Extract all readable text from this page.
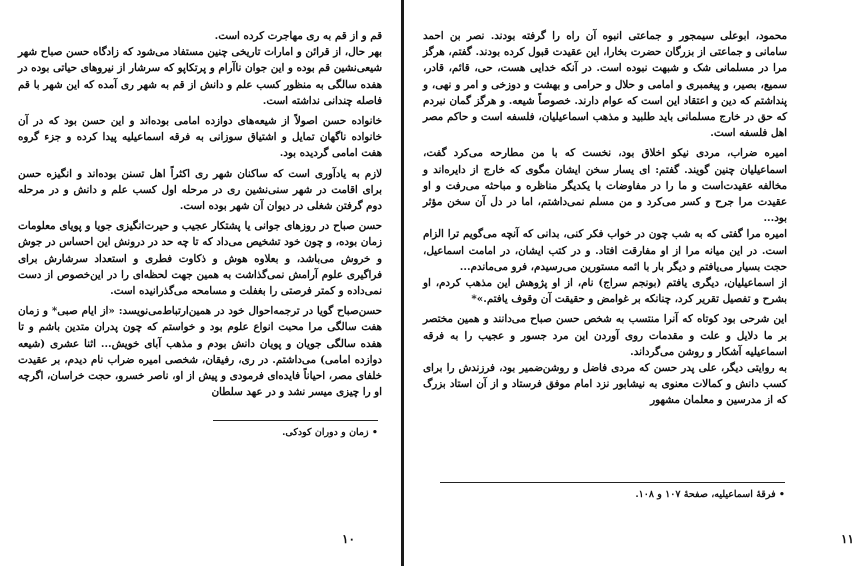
قم و از قم به ری مهاجرت کرده است.

بهر حال، از قرائن و امارات تاریخی چنین مستفاد می‌شود که زادگاه حسن صباح شهر شیعی‌نشین قم بوده و این جوان ناآرام و پرتکاپو که سرشار از نیروهای حیاتی بوده در هفده سالگی به منظور کسب علم و دانش از قم به شهر ری آمده که این شهر با قم فاصله چندانی نداشته است.

خانواده حسن اصولاً از شیعه‌های دوازده امامی بوده‌اند و این حسن بود که در آن خانواده ناگهان تمایل و اشتیاق سوزانی به فرقه اسماعیلیه پیدا کرده و جزء گروه هفت امامی گردیده بود.

لازم به یادآوری است که ساکنان شهر ری اکثراً اهل تسنن بوده‌اند و انگیزه حسن برای اقامت در شهر سنی‌نشین ری در مرحله اول کسب علم و دانش و در مرحله دوم گرفتن شغلی در دیوان آن شهر بوده است.

حسن صباح در روزهای جوانی یا پشتکار عجیب و حیرت‌انگیزی جویا و پویای معلومات زمان بوده، و چون خود تشخیص می‌داد که تا چه حد در درونش این احساس در جوش و خروش می‌باشد، و بعلاوه هوش و ذکاوت فطری و استعداد سرشارش برای فراگیری علوم آرامش نمی‌گذاشت به همین جهت لحظه‌ای را در این‌خصوص از دست نمی‌داده و کمتر فرصتی را بغفلت و مسامحه می‌گذرانیده است.

حسن‌صباح گویا در ترجمه‌احوال خود در همین‌ارتباط‌می‌نویسد: «از ایام صبی* و زمان هفت سالگی مرا محبت انواع علوم بود و خواستم که چون پدران متدین باشم و تا هفده سالگی جویان و پویان دانش بودم و مذهب آبای خویش... اثنا عشری (شیعه دوازده امامی) می‌داشتم. در ری، رفیقان، شخصی امیره ضراب نام دیدم، بر عقیدت خلفای مصر، احیاناً فایده‌ای فرمودی و پیش از او، ناصر خسرو، حجت خراسان، اگرچه او را چیزی میسر نشد و در عهد سلطان

• زمان و دوران کودکی.
۱۰

محمود، ابوعلی سیمجور و جماعتی انبوه آن راه را گرفته بودند. نصر بن احمد سامانی و جماعتی از بزرگان حضرت بخارا، این عقیدت قبول کرده بودند. گفتم، هرگز مرا در مسلمانی شک و شبهت نبوده است. در آنکه خدایی هست، حی، قائم، قادر، سمیع، بصیر، و پیغمبری و امامی و حلال و حرامی و بهشت و دوزخی و امر و نهی، و پنداشتم که دین و اعتقاد این است که عوام دارند. خصوصاً شیعه. و هرگز گمان نبردم که حق در خارج مسلمانی باید طلبید و مذهب اسماعیلیان، فلسفه است و حاکم مصر اهل فلسفه است.

امیره ضراب، مردی نیکو اخلاق بود، نخست که با من مطارحه می‌کرد گفت، اسماعیلیان چنین گویند. گفتم: ای یسار سخن ایشان مگوی که خارج از دایره‌اند و مخالفه عقیدت‌است و ما را در مفاوضات با یکدیگر مناظره و مباحثه می‌رفت و او عقیدت مرا جرح و کسر می‌کرد و من مسلم نمی‌داشتم، اما در دل آن سخن مؤثر بود...

امیره مرا گفتی که به شب چون در خواب فکر کنی، بدانی که آنچه می‌گویم ترا الزام است. در این میانه مرا از او مفارقت افتاد. و در کتب ایشان، در امامت اسماعیل، حجت بسیار می‌یافتم و دیگر بار با ائمه مستورین می‌رسیدم، فرو می‌ماندم...

از اسماعیلیان، دیگری یافتم (بونجم سراج) نام، از او پژوهش این مذهب کردم، او بشرح و تفصیل تقریر کرد، چنانکه بر غوامض و حقیقت آن وقوف یافتم.»*

این شرحی بود کوتاه که آنرا منتسب به شخص حسن صباح می‌دانند و همین مختصر بر ما دلایل و علت و مقدمات روی آوردن این مرد جسور و عجیب را به فرقه اسماعیلیه آشکار و روشن می‌گرداند.

به روایتی دیگر، علی پدر حسن که مردی فاضل و روشن‌ضمیر بود، فرزندش را برای کسب دانش و کمالات معنوی به نیشابور نزد امام موفق فرستاد و از آن استاد بزرگ که از مدرسین و معلمان مشهور

• فرقهٔ اسماعیلیه، صفحهٔ ۱۰۷ و ۱۰۸.
۱۱
